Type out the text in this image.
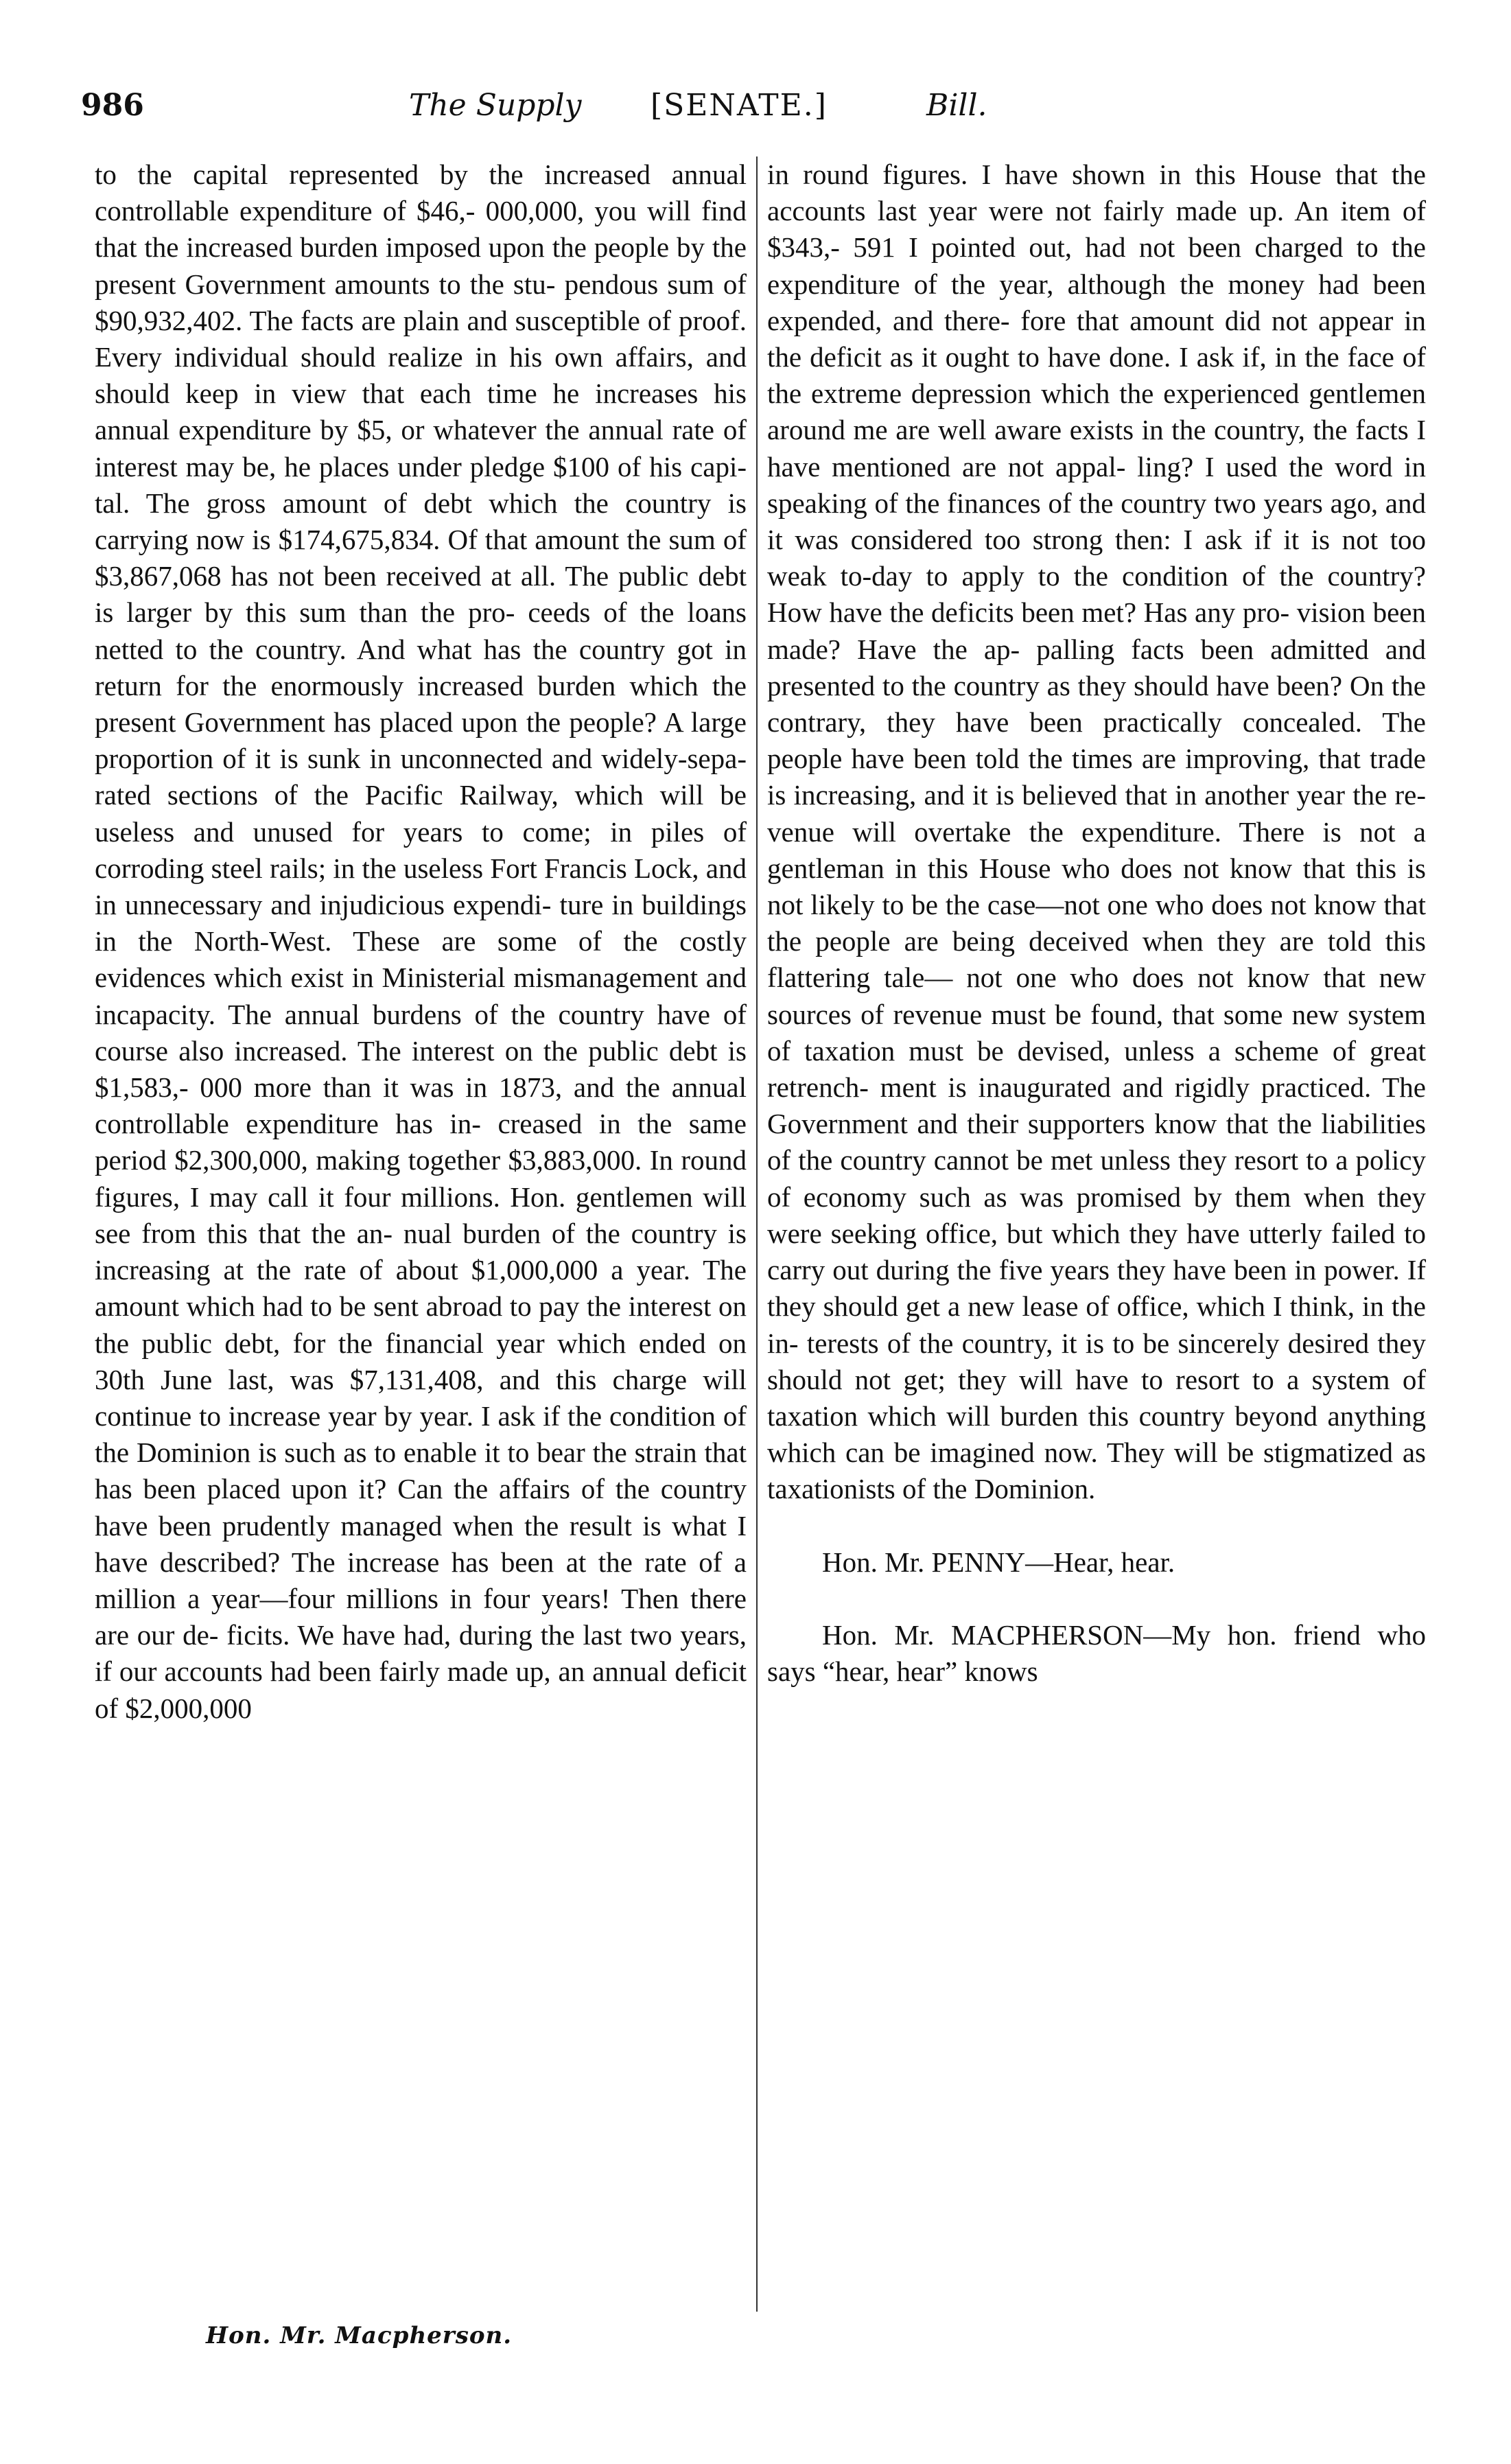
986	The Supply [SENATE.]	Bill.

to the capital represented by the increased annual controllable expenditure of $46,- 000,000, you will find that the increased burden imposed upon the people by the present Government amounts to the stu- pendous sum of $90,932,402. The facts are plain and susceptible of proof. Every individual should realize in his own affairs, and should keep in view that each time he increases his annual expenditure by $5, or whatever the annual rate of interest may be, he places under pledge $100 of his capi- tal. The gross amount of debt which the country is carrying now is $174,675,834. Of that amount the sum of $3,867,068 has not been received at all. The public debt is larger by this sum than the pro- ceeds of the loans netted to the country. And what has the country got in return for the enormously increased burden which the present Government has placed upon the people? A large proportion of it is sunk in unconnected and widely-sepa- rated sections of the Pacific Railway, which will be useless and unused for years to come; in piles of corroding steel rails; in the useless Fort Francis Lock, and in unnecessary and injudicious expendi- ture in buildings in the North-West. These are some of the costly evidences which exist in Ministerial mismanagement and incapacity. The annual burdens of the country have of course also increased. The interest on the public debt is $1,583,- 000 more than it was in 1873, and the annual controllable expenditure has in- creased in the same period $2,300,000, making together $3,883,000. In round figures, I may call it four millions. Hon. gentlemen will see from this that the an- nual burden of the country is increasing at the rate of about $1,000,000 a year. The amount which had to be sent abroad to pay the interest on the public debt, for the financial year which ended on 30th June last, was $7,131,408, and this charge will continue to increase year by year. I ask if the condition of the Dominion is such as to enable it to bear the strain that has been placed upon it? Can the affairs of the country have been prudently managed when the result is what I have described? The increase has been at the rate of a million a year—four millions in four years! Then there are our de- ficits. We have had, during the last two years, if our accounts had been fairly made up, an annual deficit of $2,000,000

in round figures. I have shown in this House that the accounts last year were not fairly made up. An item of $343,- 591 I pointed out, had not been charged to the expenditure of the year, although the money had been expended, and there- fore that amount did not appear in the deficit as it ought to have done. I ask if, in the face of the extreme depression which the experienced gentlemen around me are well aware exists in the country, the facts I have mentioned are not appal- ling? I used the word in speaking of the finances of the country two years ago, and it was considered too strong then: I ask if it is not too weak to-day to apply to the condition of the country? How have the deficits been met? Has any pro- vision been made? Have the ap- palling facts been admitted and presented to the country as they should have been? On the contrary, they have been practically concealed. The people have been told the times are improving, that trade is increasing, and it is believed that in another year the re- venue will overtake the expenditure. There is not a gentleman in this House who does not know that this is not likely to be the case—not one who does not know that the people are being deceived when they are told this flattering tale— not one who does not know that new sources of revenue must be found, that some new system of taxation must be devised, unless a scheme of great retrench- ment is inaugurated and rigidly practiced. The Government and their supporters know that the liabilities of the country cannot be met unless they resort to a policy of economy such as was promised by them when they were seeking office, but which they have utterly failed to carry out during the five years they have been in power. If they should get a new lease of office, which I think, in the in- terests of the country, it is to be sincerely desired they should not get; they will have to resort to a system of taxation which will burden this country beyond anything which can be imagined now. They will be stigmatized as taxationists of the Dominion.

Hon. Mr. PENNY—Hear, hear.

Hon. Mr. MACPHERSON—My hon. friend who says “hear, hear” knows

Hon. Mr. Macpherson.
